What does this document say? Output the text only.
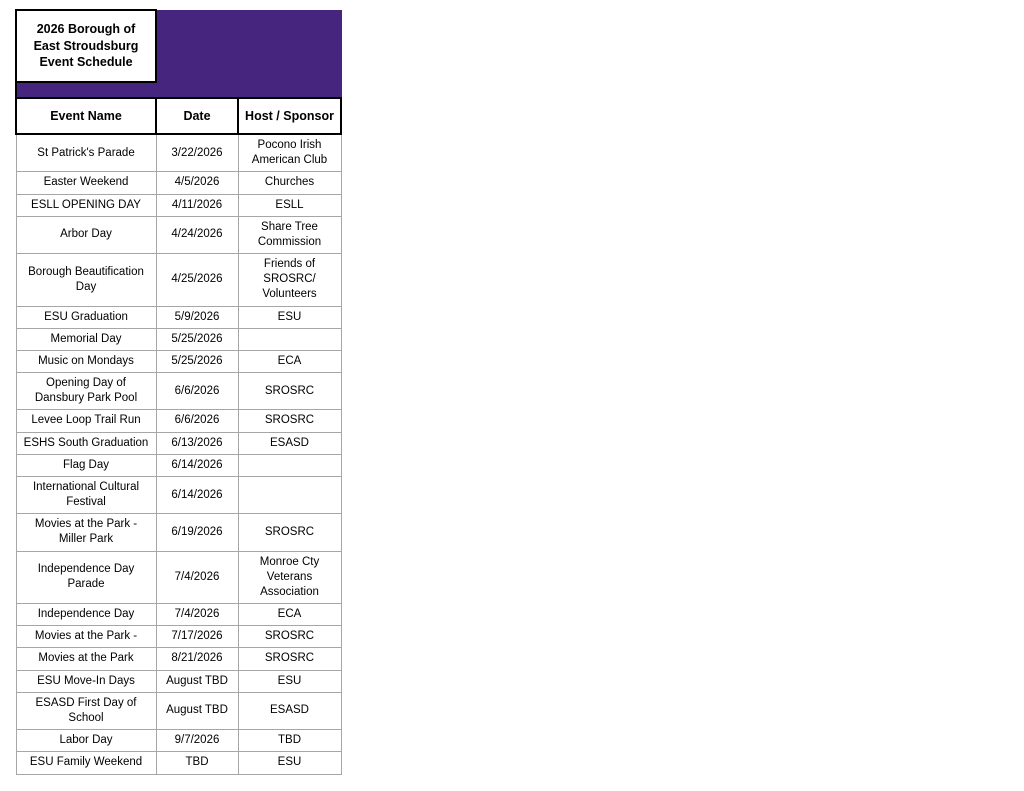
2026 Borough of East Stroudsburg Event Schedule		

Event Name	Date	Host / Sponsor
St Patrick's Parade	3/22/2026	Pocono Irish American Club
Easter Weekend	4/5/2026	Churches
ESLL OPENING DAY	4/11/2026	ESLL
Arbor Day	4/24/2026	Share Tree Commission
Borough Beautification Day	4/25/2026	Friends of SROSRC/ Volunteers
ESU Graduation	5/9/2026	ESU
Memorial Day	5/25/2026	
Music on Mondays	5/25/2026	ECA
Opening Day of Dansbury Park Pool	6/6/2026	SROSRC
Levee Loop Trail Run	6/6/2026	SROSRC
ESHS South Graduation	6/13/2026	ESASD
Flag Day	6/14/2026	
International Cultural Festival	6/14/2026	
Movies at the Park - Miller Park	6/19/2026	SROSRC
Independence Day Parade	7/4/2026	Monroe Cty Veterans Association
Independence Day	7/4/2026	ECA
Movies at the Park -	7/17/2026	SROSRC
Movies at the Park	8/21/2026	SROSRC
ESU Move-In Days	August TBD	ESU
ESASD First Day of School	August TBD	ESASD
Labor Day	9/7/2026	TBD
ESU Family Weekend	TBD	ESU
